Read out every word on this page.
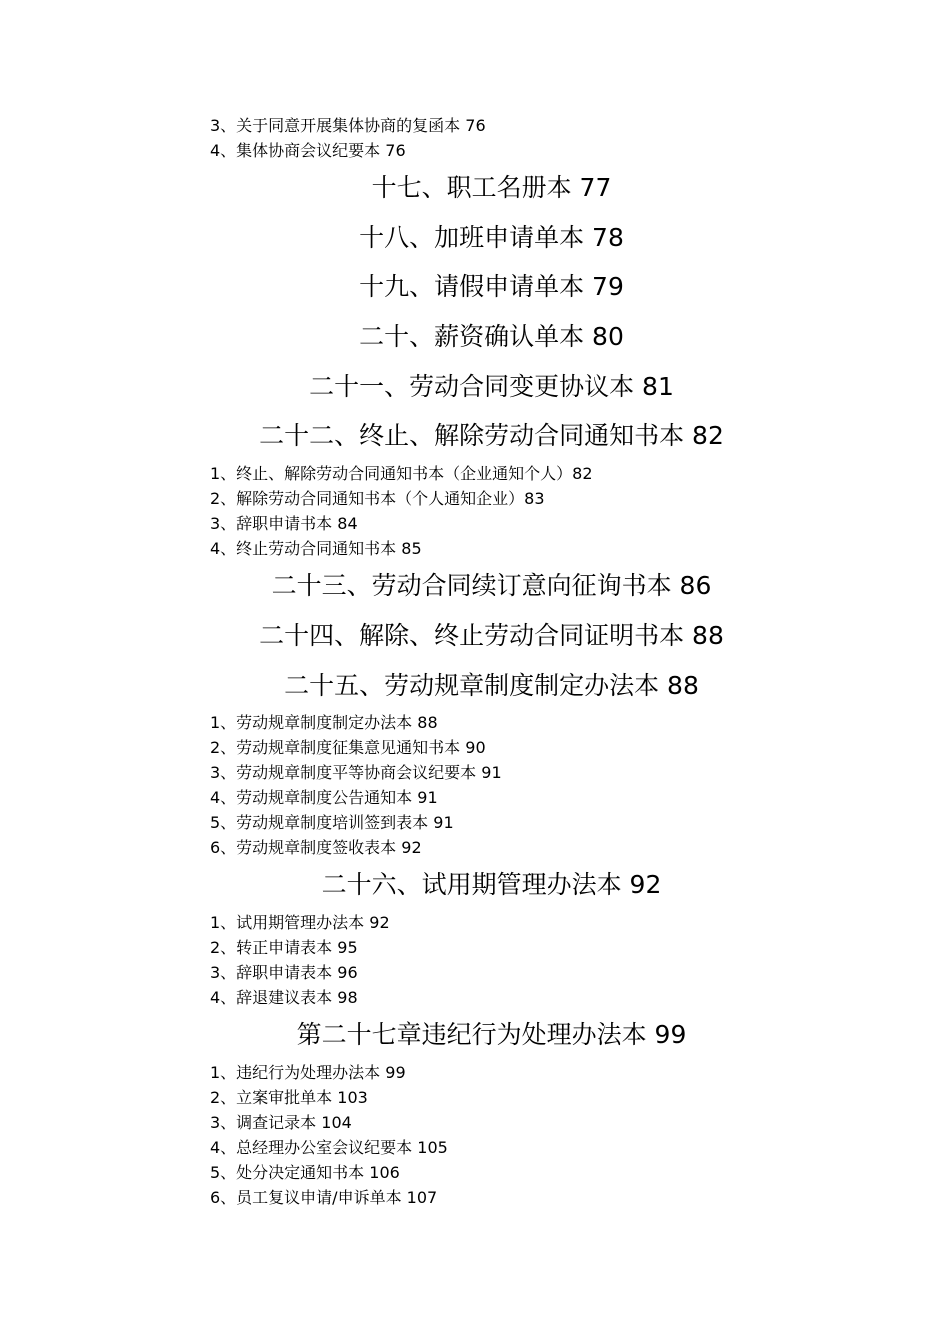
3、关于同意开展集体协商的复函本 76
4、集体协商会议纪要本 76
十七、职工名册本 77
十八、加班申请单本 78
十九、请假申请单本 79
二十、薪资确认单本 80
二十一、劳动合同变更协议本 81
二十二、终止、解除劳动合同通知书本 82
1、终止、解除劳动合同通知书本（企业通知个人）82
2、解除劳动合同通知书本（个人通知企业）83
3、辞职申请书本 84
4、终止劳动合同通知书本 85
二十三、劳动合同续订意向征询书本 86
二十四、解除、终止劳动合同证明书本 88
二十五、劳动规章制度制定办法本 88
1、劳动规章制度制定办法本 88
2、劳动规章制度征集意见通知书本 90
3、劳动规章制度平等协商会议纪要本 91
4、劳动规章制度公告通知本 91
5、劳动规章制度培训签到表本 91
6、劳动规章制度签收表本 92
二十六、试用期管理办法本 92
1、试用期管理办法本 92
2、转正申请表本 95
3、辞职申请表本 96
4、辞退建议表本 98
第二十七章违纪行为处理办法本 99
1、违纪行为处理办法本 99
2、立案审批单本 103
3、调查记录本 104
4、总经理办公室会议纪要本 105
5、处分决定通知书本 106
6、员工复议申请/申诉单本 107
